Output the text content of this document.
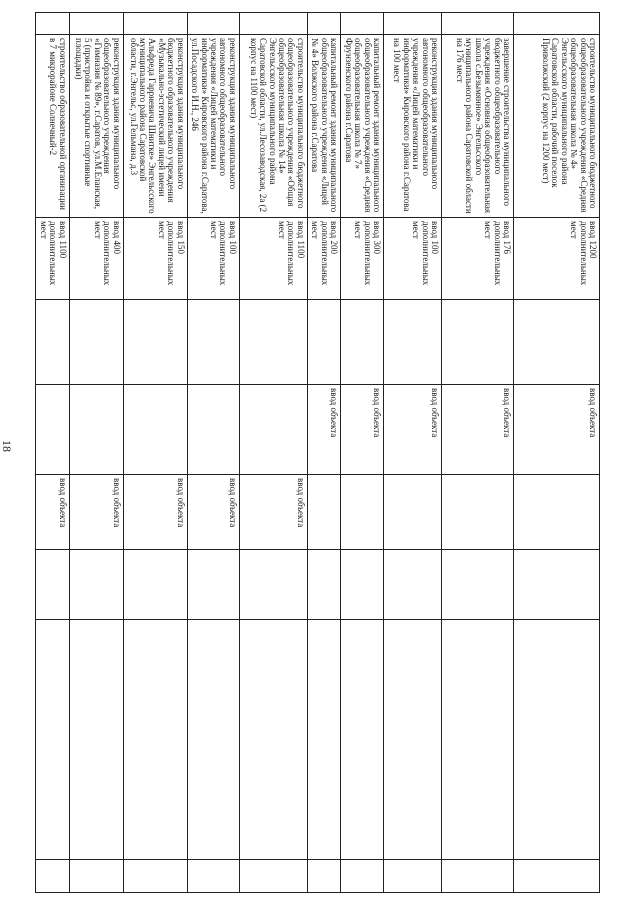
18

	строительство муниципального бюджетного общеобразовательного учреждения «Средняя общеобразовательная школа № 4» Энгельсского муниципального района Саратовской области, рабочий поселок Приволжский (2 корпус на 1200 мест)	ввод 1200 дополнительных мест		ввод объекта				

	завершение строительства муниципального бюджетного общеобразовательного учреждения «Основная общеобразовательная школа с.Безымянное» Энгельсского муниципального района Саратовской области на 176 мест	ввод 176 дополнительных мест		ввод объекта				

	реконструкция здания муниципального автономного общеобразовательного учреждения «Лицей математики и информатики» Кировского района г.Саратова на 100 мест	ввод 100 дополнительных мест		ввод объекта				

	капитальный ремонт здания муниципального общеобразовательного учреждения «Средняя общеобразовательная школа № 7» Фрунзенского района г.Саратова	ввод 300 дополнительных мест		ввод объекта				

	капитальный ремонт здания муниципального общеобразовательного учреждения «Лицей № 4» Волжского района г.Саратова	ввод 200 дополнительных мест		ввод объекта				

	строительство муниципального бюджетного общеобразовательного учреждения «Общая общеобразовательная школа № 14» Энгельсского муниципального района Саратовской области, ул.Лесозаводская, 2а (2 корпус на 1100 мест)	ввод 1100 дополнительных мест			ввод объекта			

	реконструкция здания муниципального автономного общеобразовательного учреждения «Лицей математики и информатики» Кировского района г.Саратова, ул.Посадского И.Н., 246	ввод 100 дополнительных мест			ввод объекта			

	реконструкция здания муниципального бюджетного образовательного учреждения «Музыкально-эстетический лицей имени Альфреда Гарриевича Шнитке» Энгельсского муниципального района Саратовской области, г.Энгельс, ул.Гельмана, д.3	ввод 150 дополнительных мест			ввод объекта			

	реконструкция здания муниципального общеобразовательного учреждения «Гимназия № 89», г.Саратов, ул.М.Еланская, 5 (пристройка и открытые спортивные площадки)	ввод 400 дополнительных мест			ввод объекта			

	строительство образовательной организации в 7 микрорайоне Солнечный-2	ввод 1100 дополнительных мест			ввод объекта			
